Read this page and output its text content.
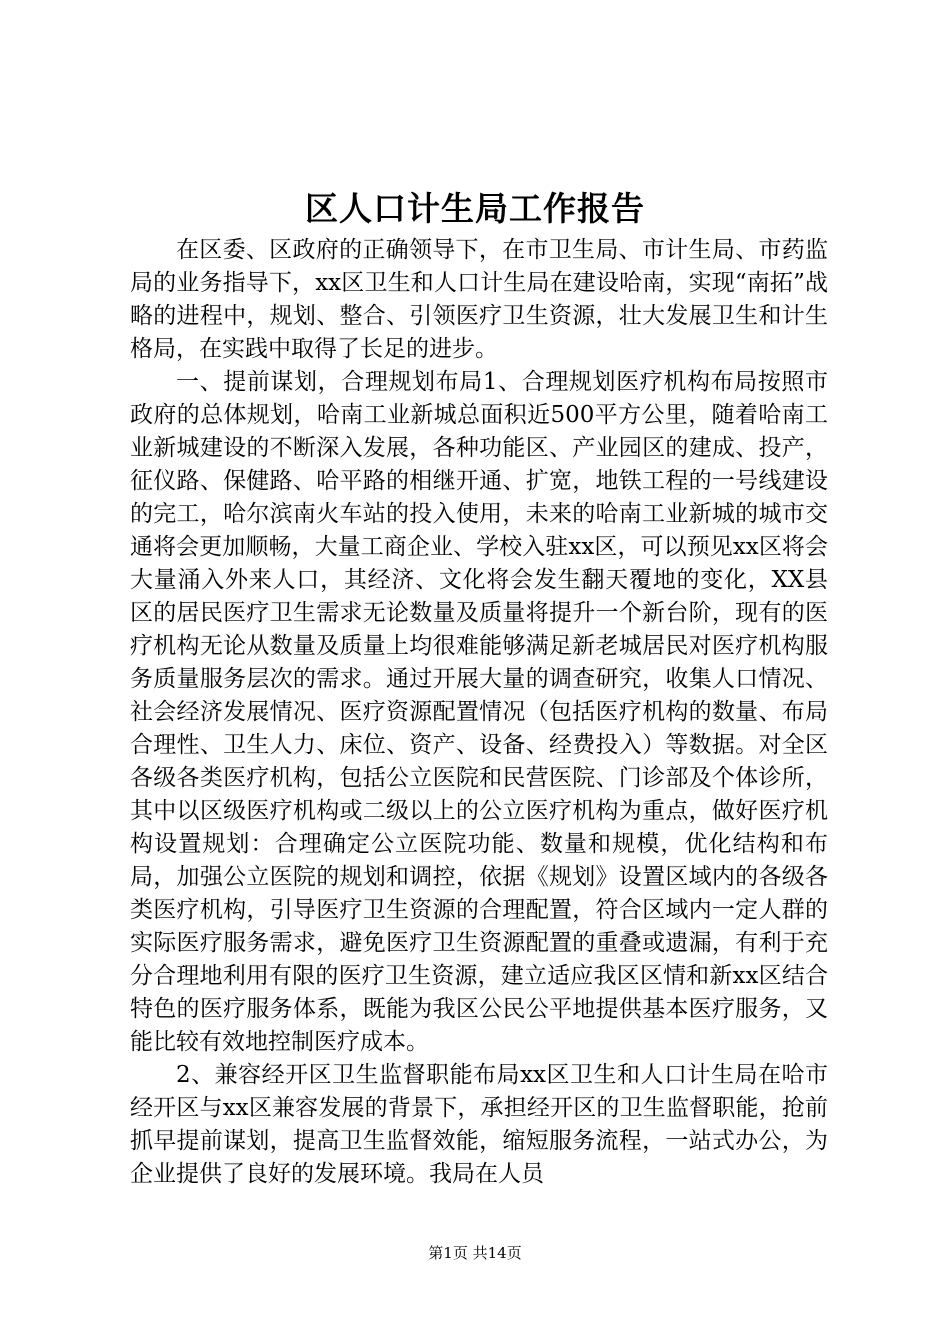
区人口计生局工作报告

在区委、区政府的正确领导下，在市卫生局、市计生局、市药监局的业务指导下，xx区卫生和人口计生局在建设哈南，实现“南拓”战略的进程中，规划、整合、引领医疗卫生资源，壮大发展卫生和计生格局，在实践中取得了长足的进步。

一、提前谋划，合理规划布局1、合理规划医疗机构布局按照市政府的总体规划，哈南工业新城总面积近500平方公里，随着哈南工业新城建设的不断深入发展，各种功能区、产业园区的建成、投产，征仪路、保健路、哈平路的相继开通、扩宽，地铁工程的一号线建设的完工，哈尔滨南火车站的投入使用，未来的哈南工业新城的城市交通将会更加顺畅，大量工商企业、学校入驻xx区，可以预见xx区将会大量涌入外来人口，其经济、文化将会发生翻天覆地的变化，XX县区的居民医疗卫生需求无论数量及质量将提升一个新台阶，现有的医疗机构无论从数量及质量上均很难能够满足新老城居民对医疗机构服务质量服务层次的需求。通过开展大量的调查研究，收集人口情况、社会经济发展情况、医疗资源配置情况（包括医疗机构的数量、布局合理性、卫生人力、床位、资产、设备、经费投入）等数据。对全区各级各类医疗机构，包括公立医院和民营医院、门诊部及个体诊所，其中以区级医疗机构或二级以上的公立医疗机构为重点，做好医疗机构设置规划：合理确定公立医院功能、数量和规模，优化结构和布局，加强公立医院的规划和调控，依据《规划》设置区域内的各级各类医疗机构，引导医疗卫生资源的合理配置，符合区域内一定人群的实际医疗服务需求，避免医疗卫生资源配置的重叠或遗漏，有利于充分合理地利用有限的医疗卫生资源，建立适应我区区情和新xx区结合特色的医疗服务体系，既能为我区公民公平地提供基本医疗服务，又能比较有效地控制医疗成本。

2、兼容经开区卫生监督职能布局xx区卫生和人口计生局在哈市经开区与xx区兼容发展的背景下，承担经开区的卫生监督职能，抢前抓早提前谋划，提高卫生监督效能，缩短服务流程，一站式办公，为企业提供了良好的发展环境。我局在人员

第1页 共14页
